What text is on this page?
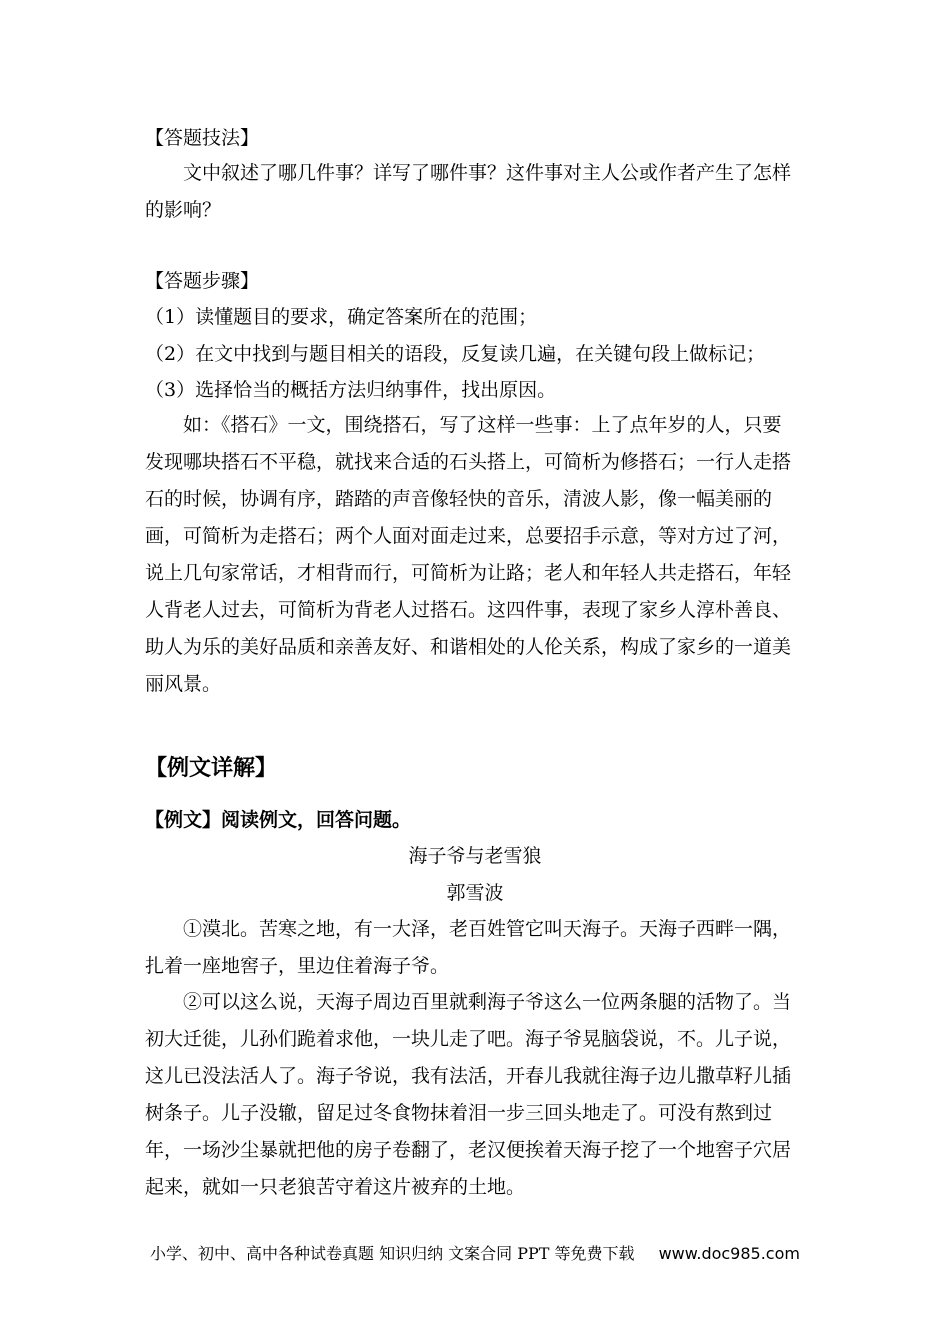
【答题技法】
文中叙述了哪几件事？详写了哪件事？这件事对主人公或作者产生了怎样
的影响？
【答题步骤】
（1）读懂题目的要求，确定答案所在的范围；
（2）在文中找到与题目相关的语段，反复读几遍，在关键句段上做标记；
（3）选择恰当的概括方法归纳事件，找出原因。
如：《搭石》一文，围绕搭石，写了这样一些事：上了点年岁的人，只要
发现哪块搭石不平稳，就找来合适的石头搭上，可简析为修搭石；一行人走搭
石的时候，协调有序，踏踏的声音像轻快的音乐，清波人影，像一幅美丽的
画，可简析为走搭石；两个人面对面走过来，总要招手示意，等对方过了河，
说上几句家常话，才相背而行，可简析为让路；老人和年轻人共走搭石，年轻
人背老人过去，可简析为背老人过搭石。这四件事，表现了家乡人淳朴善良、
助人为乐的美好品质和亲善友好、和谐相处的人伦关系，构成了家乡的一道美
丽风景。
【例文详解】
【例文】阅读例文，回答问题。
海子爷与老雪狼
郭雪波
①漠北。苦寒之地，有一大泽，老百姓管它叫天海子。天海子西畔一隅，
扎着一座地窖子，里边住着海子爷。
②可以这么说，天海子周边百里就剩海子爷这么一位两条腿的活物了。当
初大迁徙，儿孙们跪着求他，一块儿走了吧。海子爷晃脑袋说，不。儿子说，
这儿已没法活人了。海子爷说，我有法活，开春儿我就往海子边儿撒草籽儿插
树条子。儿子没辙，留足过冬食物抹着泪一步三回头地走了。可没有熬到过
年，一场沙尘暴就把他的房子卷翻了，老汉便挨着天海子挖了一个地窖子穴居
起来，就如一只老狼苦守着这片被弃的土地。
小学、初中、高中各种试卷真题 知识归纳 文案合同 PPT 等免费下载 www.doc985.com
